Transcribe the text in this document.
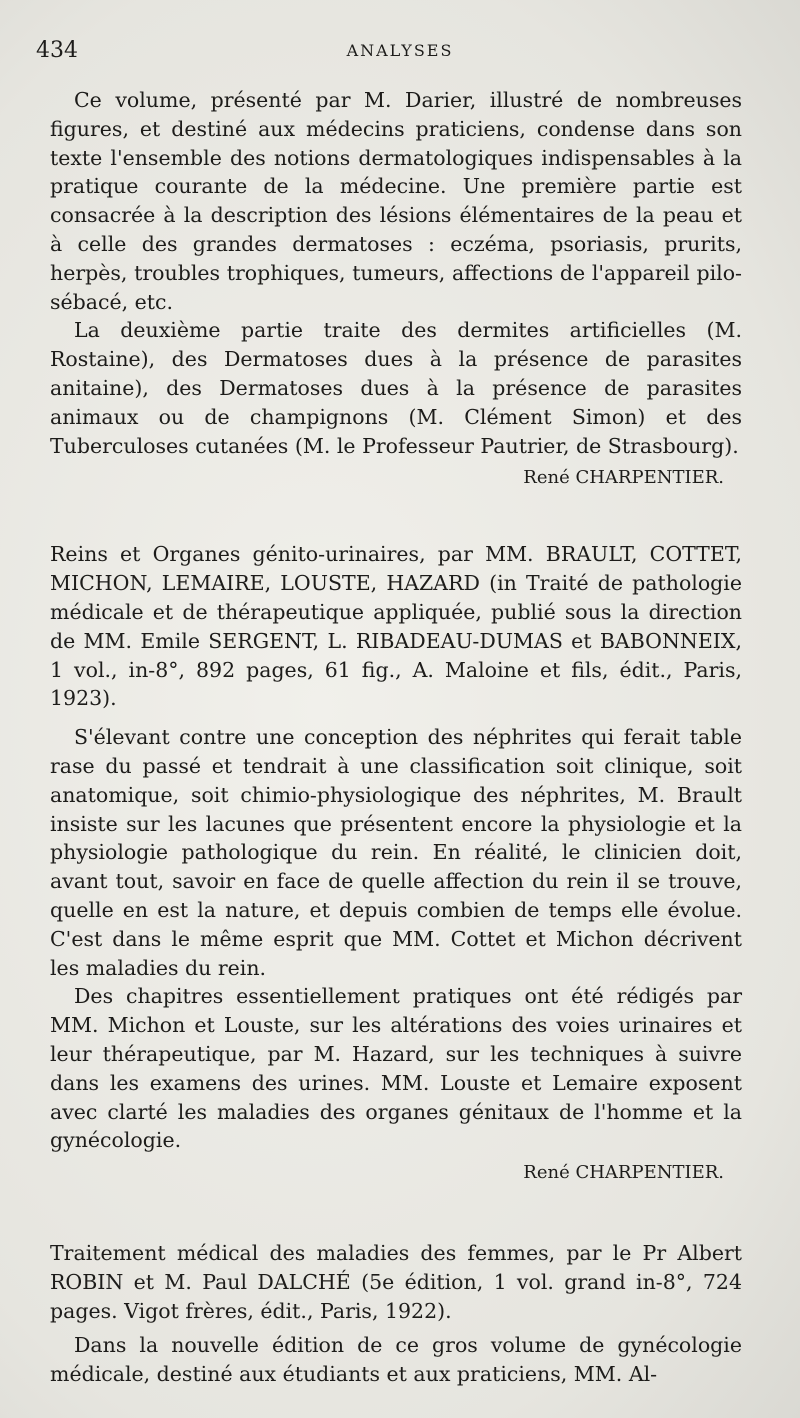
434	ANALYSES

Ce volume, présenté par M. Darier, illustré de nombreuses figures, et destiné aux médecins praticiens, condense dans son texte l'ensemble des notions dermatologiques indispensables à la pratique courante de la médecine. Une première partie est consacrée à la description des lésions élémentaires de la peau et à celle des grandes dermatoses : eczéma, psoriasis, prurits, herpès, troubles trophiques, tumeurs, affections de l'appareil pilo-sébacé, etc.

La deuxième partie traite des dermites artificielles (M. Rostaine), des Dermatoses dues à la présence de parasites anitaine), des Dermatoses dues à la présence de parasites animaux ou de champignons (M. Clément Simon) et des Tuberculoses cutanées (M. le Professeur Pautrier, de Strasbourg).

René CHARPENTIER.

Reins et Organes génito-urinaires, par MM. BRAULT, COTTET, MICHON, LEMAIRE, LOUSTE, HAZARD (in Traité de pathologie médicale et de thérapeutique appliquée, publié sous la direction de MM. Emile SERGENT, L. RIBADEAU-DUMAS et BABONNEIX, 1 vol., in-8°, 892 pages, 61 fig., A. Maloine et fils, édit., Paris, 1923).

S'élevant contre une conception des néphrites qui ferait table rase du passé et tendrait à une classification soit clinique, soit anatomique, soit chimio-physiologique des néphrites, M. Brault insiste sur les lacunes que présentent encore la physiologie et la physiologie pathologique du rein. En réalité, le clinicien doit, avant tout, savoir en face de quelle affection du rein il se trouve, quelle en est la nature, et depuis combien de temps elle évolue. C'est dans le même esprit que MM. Cottet et Michon décrivent les maladies du rein.

Des chapitres essentiellement pratiques ont été rédigés par MM. Michon et Louste, sur les altérations des voies urinaires et leur thérapeutique, par M. Hazard, sur les techniques à suivre dans les examens des urines. MM. Louste et Lemaire exposent avec clarté les maladies des organes génitaux de l'homme et la gynécologie.

René CHARPENTIER.

Traitement médical des maladies des femmes, par le Pr Albert ROBIN et M. Paul DALCHÉ (5e édition, 1 vol. grand in-8°, 724 pages. Vigot frères, édit., Paris, 1922).

Dans la nouvelle édition de ce gros volume de gynécologie médicale, destiné aux étudiants et aux praticiens, MM. Al-
